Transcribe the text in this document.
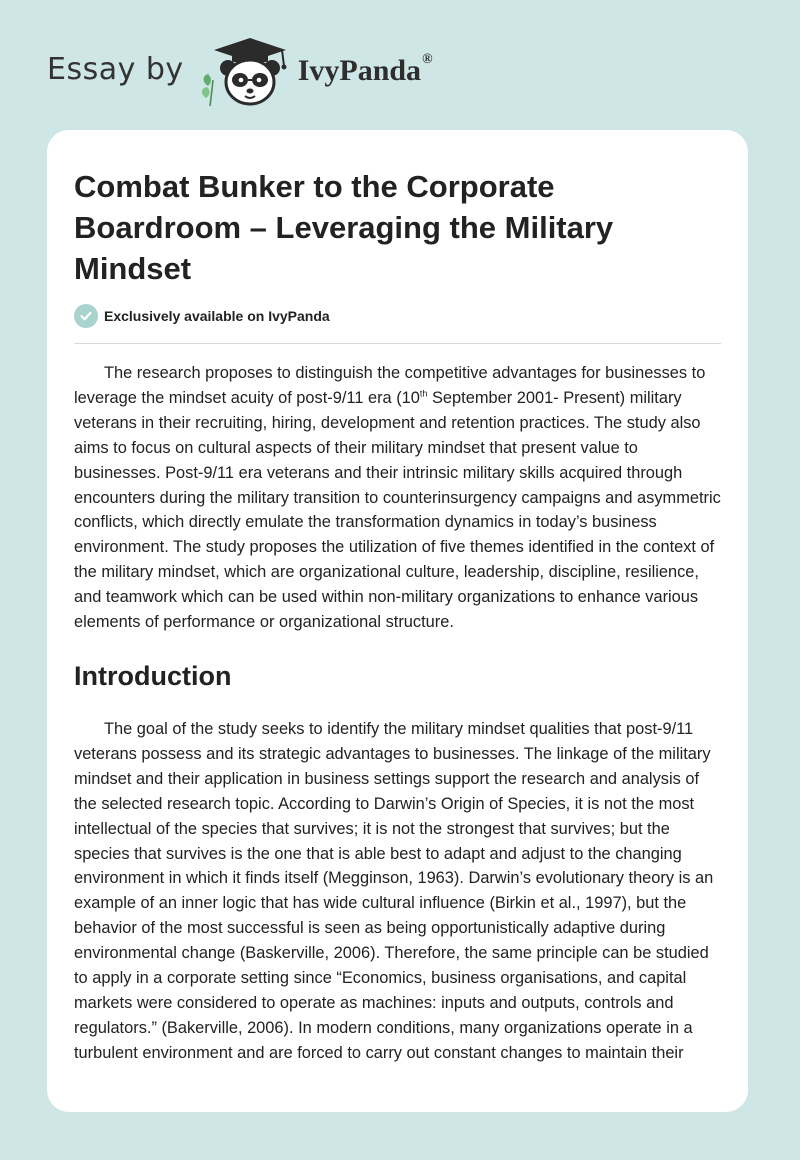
Essay by	IvyPanda®
Combat Bunker to the Corporate Boardroom – Leveraging the Military Mindset
Exclusively available on IvyPanda

The research proposes to distinguish the competitive advantages for businesses to leverage the mindset acuity of post-9/11 era (10th September 2001- Present) military veterans in their recruiting, hiring, development and retention practices. The study also aims to focus on cultural aspects of their military mindset that present value to businesses. Post-9/11 era veterans and their intrinsic military skills acquired through encounters during the military transition to counterinsurgency campaigns and asymmetric conflicts, which directly emulate the transformation dynamics in today’s business environment. The study proposes the utilization of five themes identified in the context of the military mindset, which are organizational culture, leadership, discipline, resilience, and teamwork which can be used within non-military organizations to enhance various elements of performance or organizational structure.

Introduction

The goal of the study seeks to identify the military mindset qualities that post-9/11 veterans possess and its strategic advantages to businesses. The linkage of the military mindset and their application in business settings support the research and analysis of the selected research topic. According to Darwin’s Origin of Species, it is not the most intellectual of the species that survives; it is not the strongest that survives; but the species that survives is the one that is able best to adapt and adjust to the changing environment in which it finds itself (Megginson, 1963). Darwin’s evolutionary theory is an example of an inner logic that has wide cultural influence (Birkin et al., 1997), but the behavior of the most successful is seen as being opportunistically adaptive during environmental change (Baskerville, 2006). Therefore, the same principle can be studied to apply in a corporate setting since “Economics, business organisations, and capital markets were considered to operate as machines: inputs and outputs, controls and regulators.” (Bakerville, 2006). In modern conditions, many organizations operate in a turbulent environment and are forced to carry out constant changes to maintain their
